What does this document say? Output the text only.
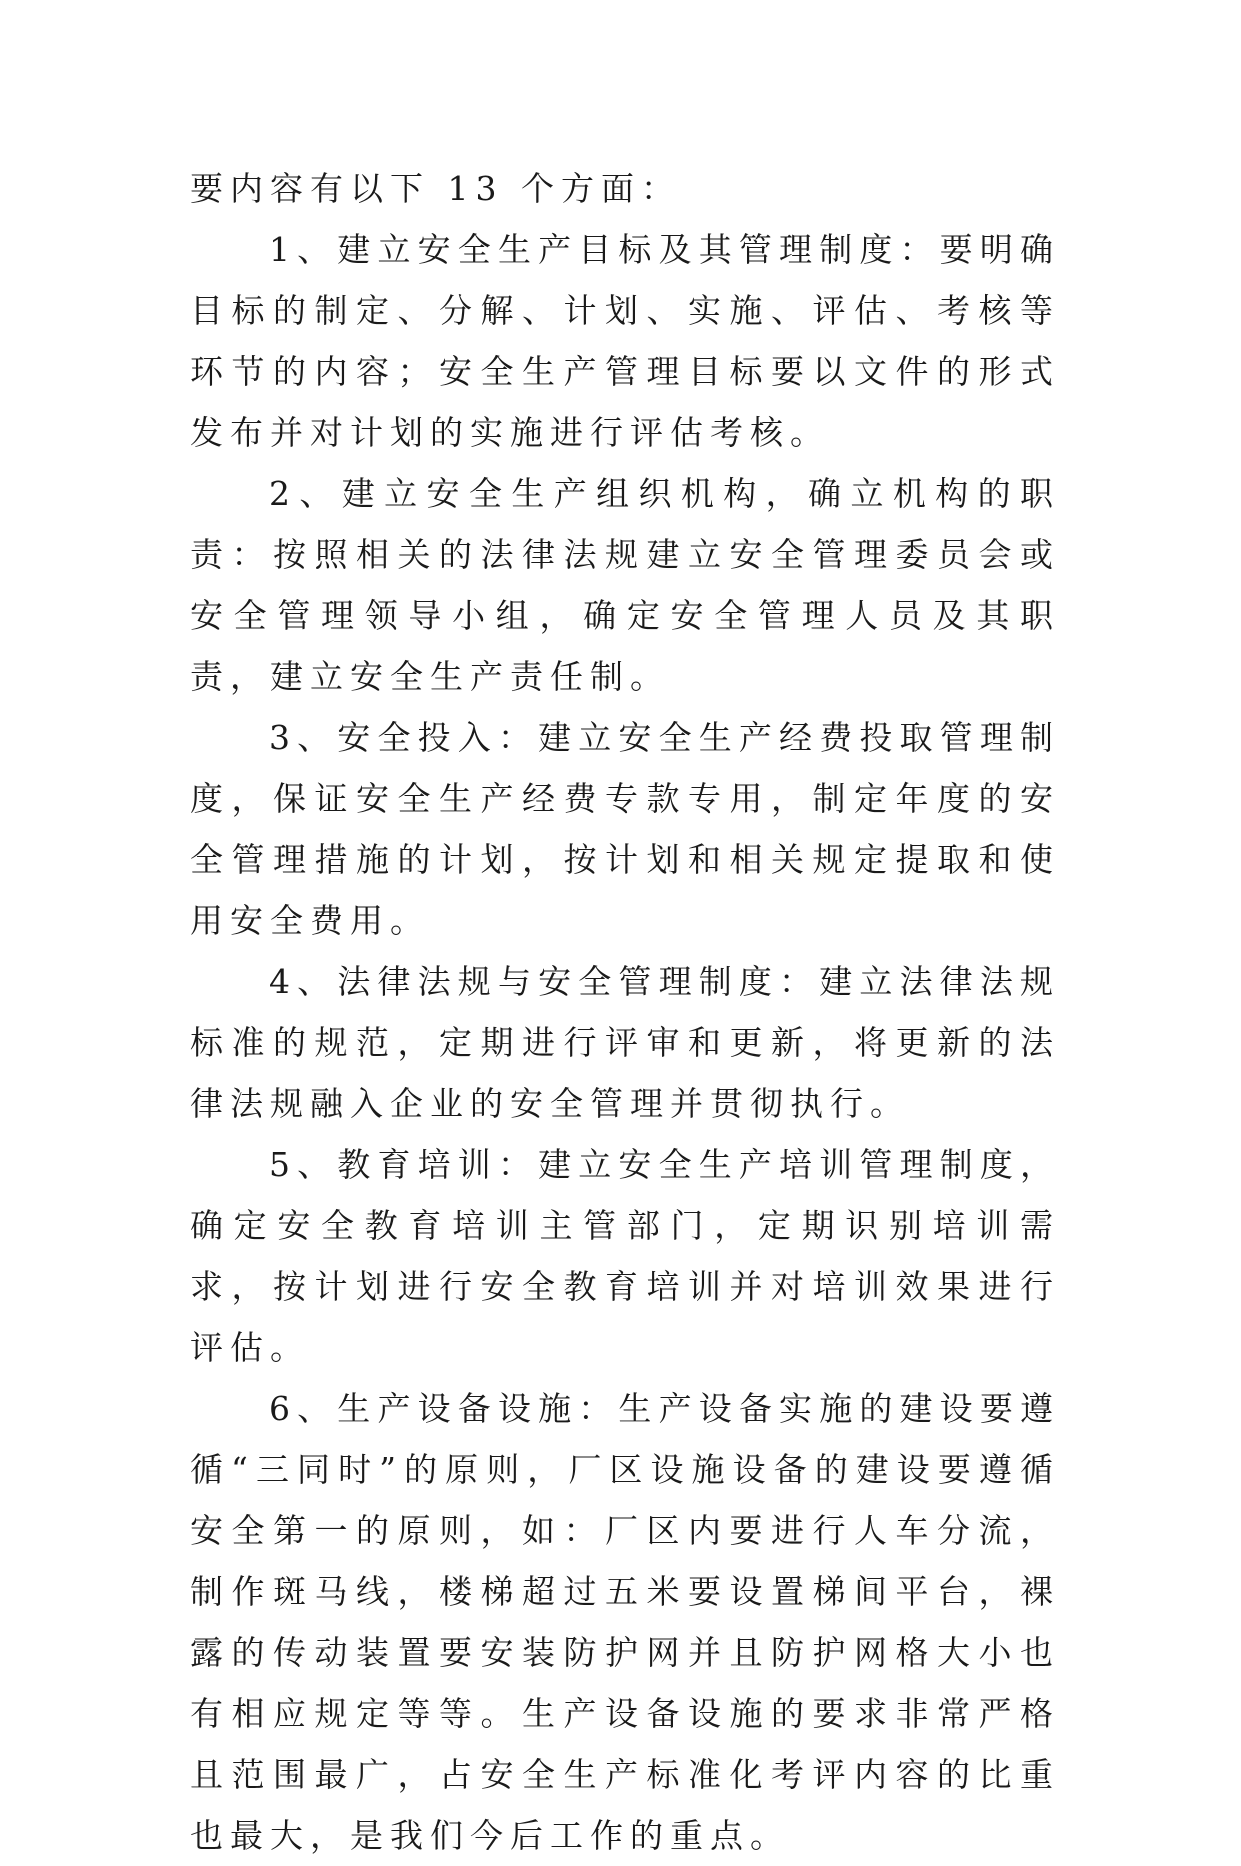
要内容有以下 13 个方面：

1、建立安全生产目标及其管理制度：要明确目标的制定、分解、计划、实施、评估、考核等环节的内容；安全生产管理目标要以文件的形式发布并对计划的实施进行评估考核。

2、建立安全生产组织机构，确立机构的职责：按照相关的法律法规建立安全管理委员会或安全管理领导小组，确定安全管理人员及其职责，建立安全生产责任制。

3、安全投入：建立安全生产经费投取管理制度，保证安全生产经费专款专用，制定年度的安全管理措施的计划，按计划和相关规定提取和使用安全费用。

4、法律法规与安全管理制度：建立法律法规标准的规范，定期进行评审和更新，将更新的法律法规融入企业的安全管理并贯彻执行。

5、教育培训：建立安全生产培训管理制度，确定安全教育培训主管部门，定期识别培训需求，按计划进行安全教育培训并对培训效果进行评估。

6、生产设备设施：生产设备实施的建设要遵循“三同时”的原则，厂区设施设备的建设要遵循安全第一的原则，如：厂区内要进行人车分流，制作斑马线，楼梯超过五米要设置梯间平台，裸露的传动装置要安装防护网并且防护网格大小也有相应规定等等。生产设备设施的要求非常严格且范围最广，占安全生产标准化考评内容的比重也最大，是我们今后工作的重点。
